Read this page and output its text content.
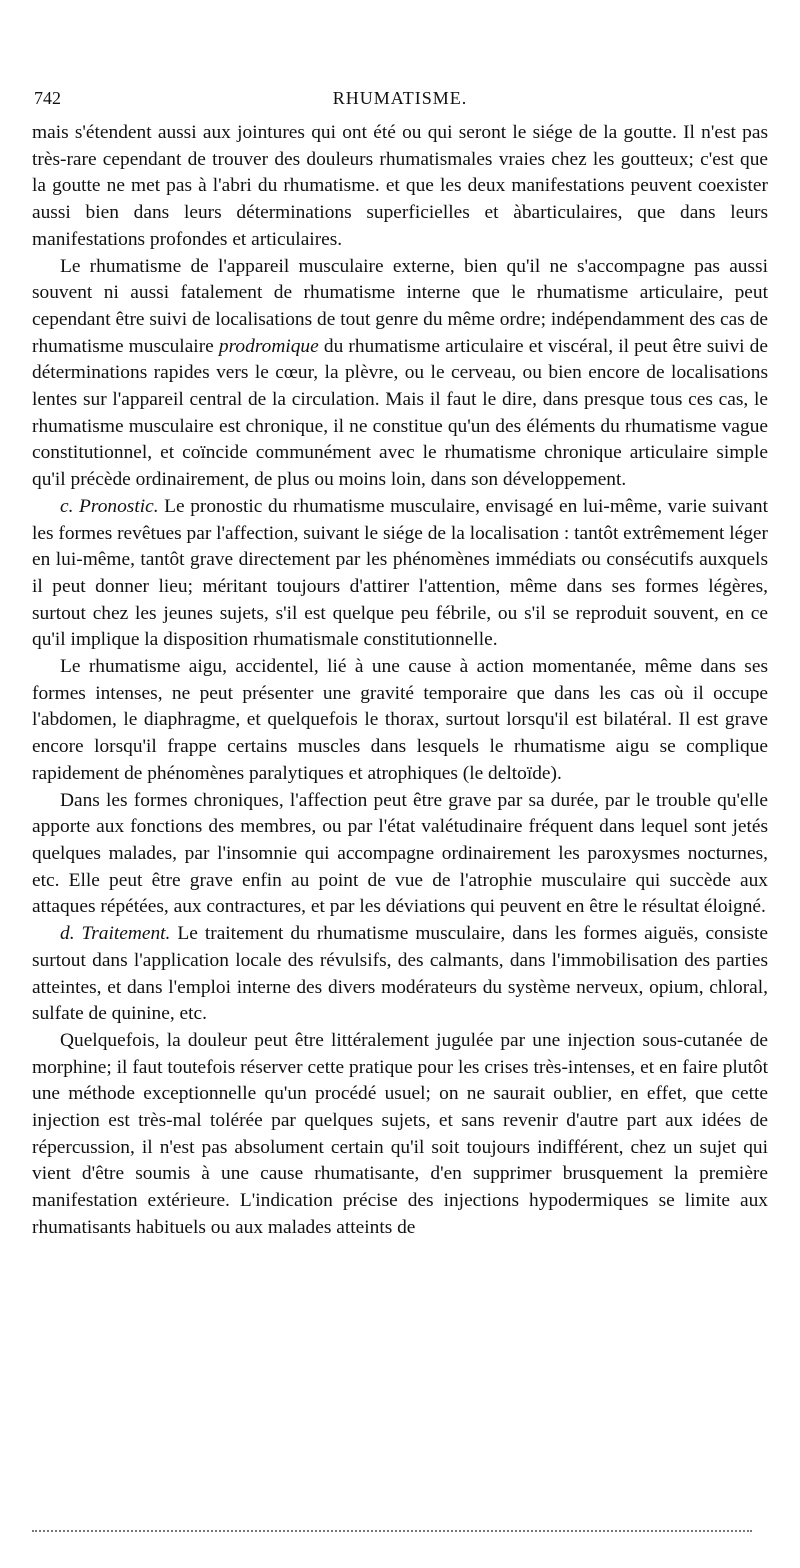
742	RHUMATISME.

mais s'étendent aussi aux jointures qui ont été ou qui seront le siége de la goutte. Il n'est pas très-rare cependant de trouver des douleurs rhumatismales vraies chez les goutteux; c'est que la goutte ne met pas à l'abri du rhumatisme. et que les deux manifestations peuvent coexister aussi bien dans leurs déterminations superficielles et àbarticulaires, que dans leurs manifestations profondes et articulaires.

Le rhumatisme de l'appareil musculaire externe, bien qu'il ne s'accompagne pas aussi souvent ni aussi fatalement de rhumatisme interne que le rhumatisme articulaire, peut cependant être suivi de localisations de tout genre du même ordre; indépendamment des cas de rhumatisme musculaire prodromique du rhumatisme articulaire et viscéral, il peut être suivi de déterminations rapides vers le cœur, la plèvre, ou le cerveau, ou bien encore de localisations lentes sur l'appareil central de la circulation. Mais il faut le dire, dans presque tous ces cas, le rhumatisme musculaire est chronique, il ne constitue qu'un des éléments du rhumatisme vague constitutionnel, et coïncide communément avec le rhumatisme chronique articulaire simple qu'il précède ordinairement, de plus ou moins loin, dans son développement.

c. Pronostic. Le pronostic du rhumatisme musculaire, envisagé en lui-même, varie suivant les formes revêtues par l'affection, suivant le siége de la localisation : tantôt extrêmement léger en lui-même, tantôt grave directement par les phénomènes immédiats ou consécutifs auxquels il peut donner lieu; méritant toujours d'attirer l'attention, même dans ses formes légères, surtout chez les jeunes sujets, s'il est quelque peu fébrile, ou s'il se reproduit souvent, en ce qu'il implique la disposition rhumatismale constitutionnelle.

Le rhumatisme aigu, accidentel, lié à une cause à action momentanée, même dans ses formes intenses, ne peut présenter une gravité temporaire que dans les cas où il occupe l'abdomen, le diaphragme, et quelquefois le thorax, surtout lorsqu'il est bilatéral. Il est grave encore lorsqu'il frappe certains muscles dans lesquels le rhumatisme aigu se complique rapidement de phénomènes paralytiques et atrophiques (le deltoïde).

Dans les formes chroniques, l'affection peut être grave par sa durée, par le trouble qu'elle apporte aux fonctions des membres, ou par l'état valétudinaire fréquent dans lequel sont jetés quelques malades, par l'insomnie qui accompagne ordinairement les paroxysmes nocturnes, etc. Elle peut être grave enfin au point de vue de l'atrophie musculaire qui succède aux attaques répétées, aux contractures, et par les déviations qui peuvent en être le résultat éloigné.

d. Traitement. Le traitement du rhumatisme musculaire, dans les formes aiguës, consiste surtout dans l'application locale des révulsifs, des calmants, dans l'immobilisation des parties atteintes, et dans l'emploi interne des divers modérateurs du système nerveux, opium, chloral, sulfate de quinine, etc.

Quelquefois, la douleur peut être littéralement jugulée par une injection sous-cutanée de morphine; il faut toutefois réserver cette pratique pour les crises très-intenses, et en faire plutôt une méthode exceptionnelle qu'un procédé usuel; on ne saurait oublier, en effet, que cette injection est très-mal tolérée par quelques sujets, et sans revenir d'autre part aux idées de répercussion, il n'est pas absolument certain qu'il soit toujours indifférent, chez un sujet qui vient d'être soumis à une cause rhumatisante, d'en supprimer brusquement la première manifestation extérieure. L'indication précise des injections hypodermiques se limite aux rhumatisants habituels ou aux malades atteints de
